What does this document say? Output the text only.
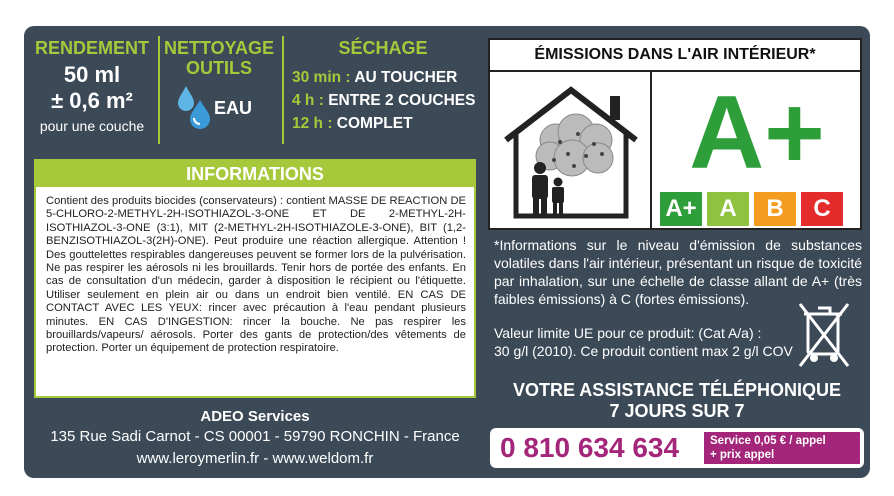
RENDEMENT
50 ml
± 0,6 m²
pour une couche
NETTOYAGE
OUTILS
EAU
SÉCHAGE
30 min : AU TOUCHER
4 h : ENTRE 2 COUCHES
12 h : COMPLET
INFORMATIONS
Contient des produits biocides (conservateurs) : contient MASSE DE REACTION DE 5-CHLORO-2-METHYL-2H-ISOTHIAZOL-3-ONE ET DE 2-METHYL-2H-ISOTHIAZOL-3-ONE (3:1), MIT (2-METHYL-2H-ISOTHIAZOLE-3-ONE), BIT (1,2-BENZISOTHIAZOL-3(2H)-ONE). Peut produire une réaction allergique. Attention ! Des gouttelettes respirables dangereuses peuvent se former lors de la pulvérisation. Ne pas respirer les aérosols ni les brouillards. Tenir hors de portée des enfants. En cas de consultation d'un médecin, garder à disposition le récipient ou l'étiquette. Utiliser seulement en plein air ou dans un endroit bien ventilé. EN CAS DE CONTACT AVEC LES YEUX: rincer avec précaution à l'eau pendant plusieurs minutes. EN CAS D'INGESTION: rincer la bouche. Ne pas respirer les brouillards/vapeurs/ aérosols. Porter des gants de protection/des vêtements de protection. Porter un équipement de protection respiratoire.
ADEO Services
135 Rue Sadi Carnot - CS 00001 - 59790 RONCHIN - France
www.leroymerlin.fr - www.weldom.fr
ÉMISSIONS DANS L'AIR INTÉRIEUR*
A+
A+ A	B	C
*Informations sur le niveau d'émission de substances volatiles dans l'air intérieur, présentant un risque de toxicité par inhalation, sur une échelle de classe allant de A+ (très faibles émissions) à C (fortes émissions).
Valeur limite UE pour ce produit: (Cat A/a) :
30 g/l (2010). Ce produit contient max 2 g/l COV
VOTRE ASSISTANCE TÉLÉPHONIQUE
7 JOURS SUR 7
0 810 634 634	Service 0,05 € / appel
+ prix appel
